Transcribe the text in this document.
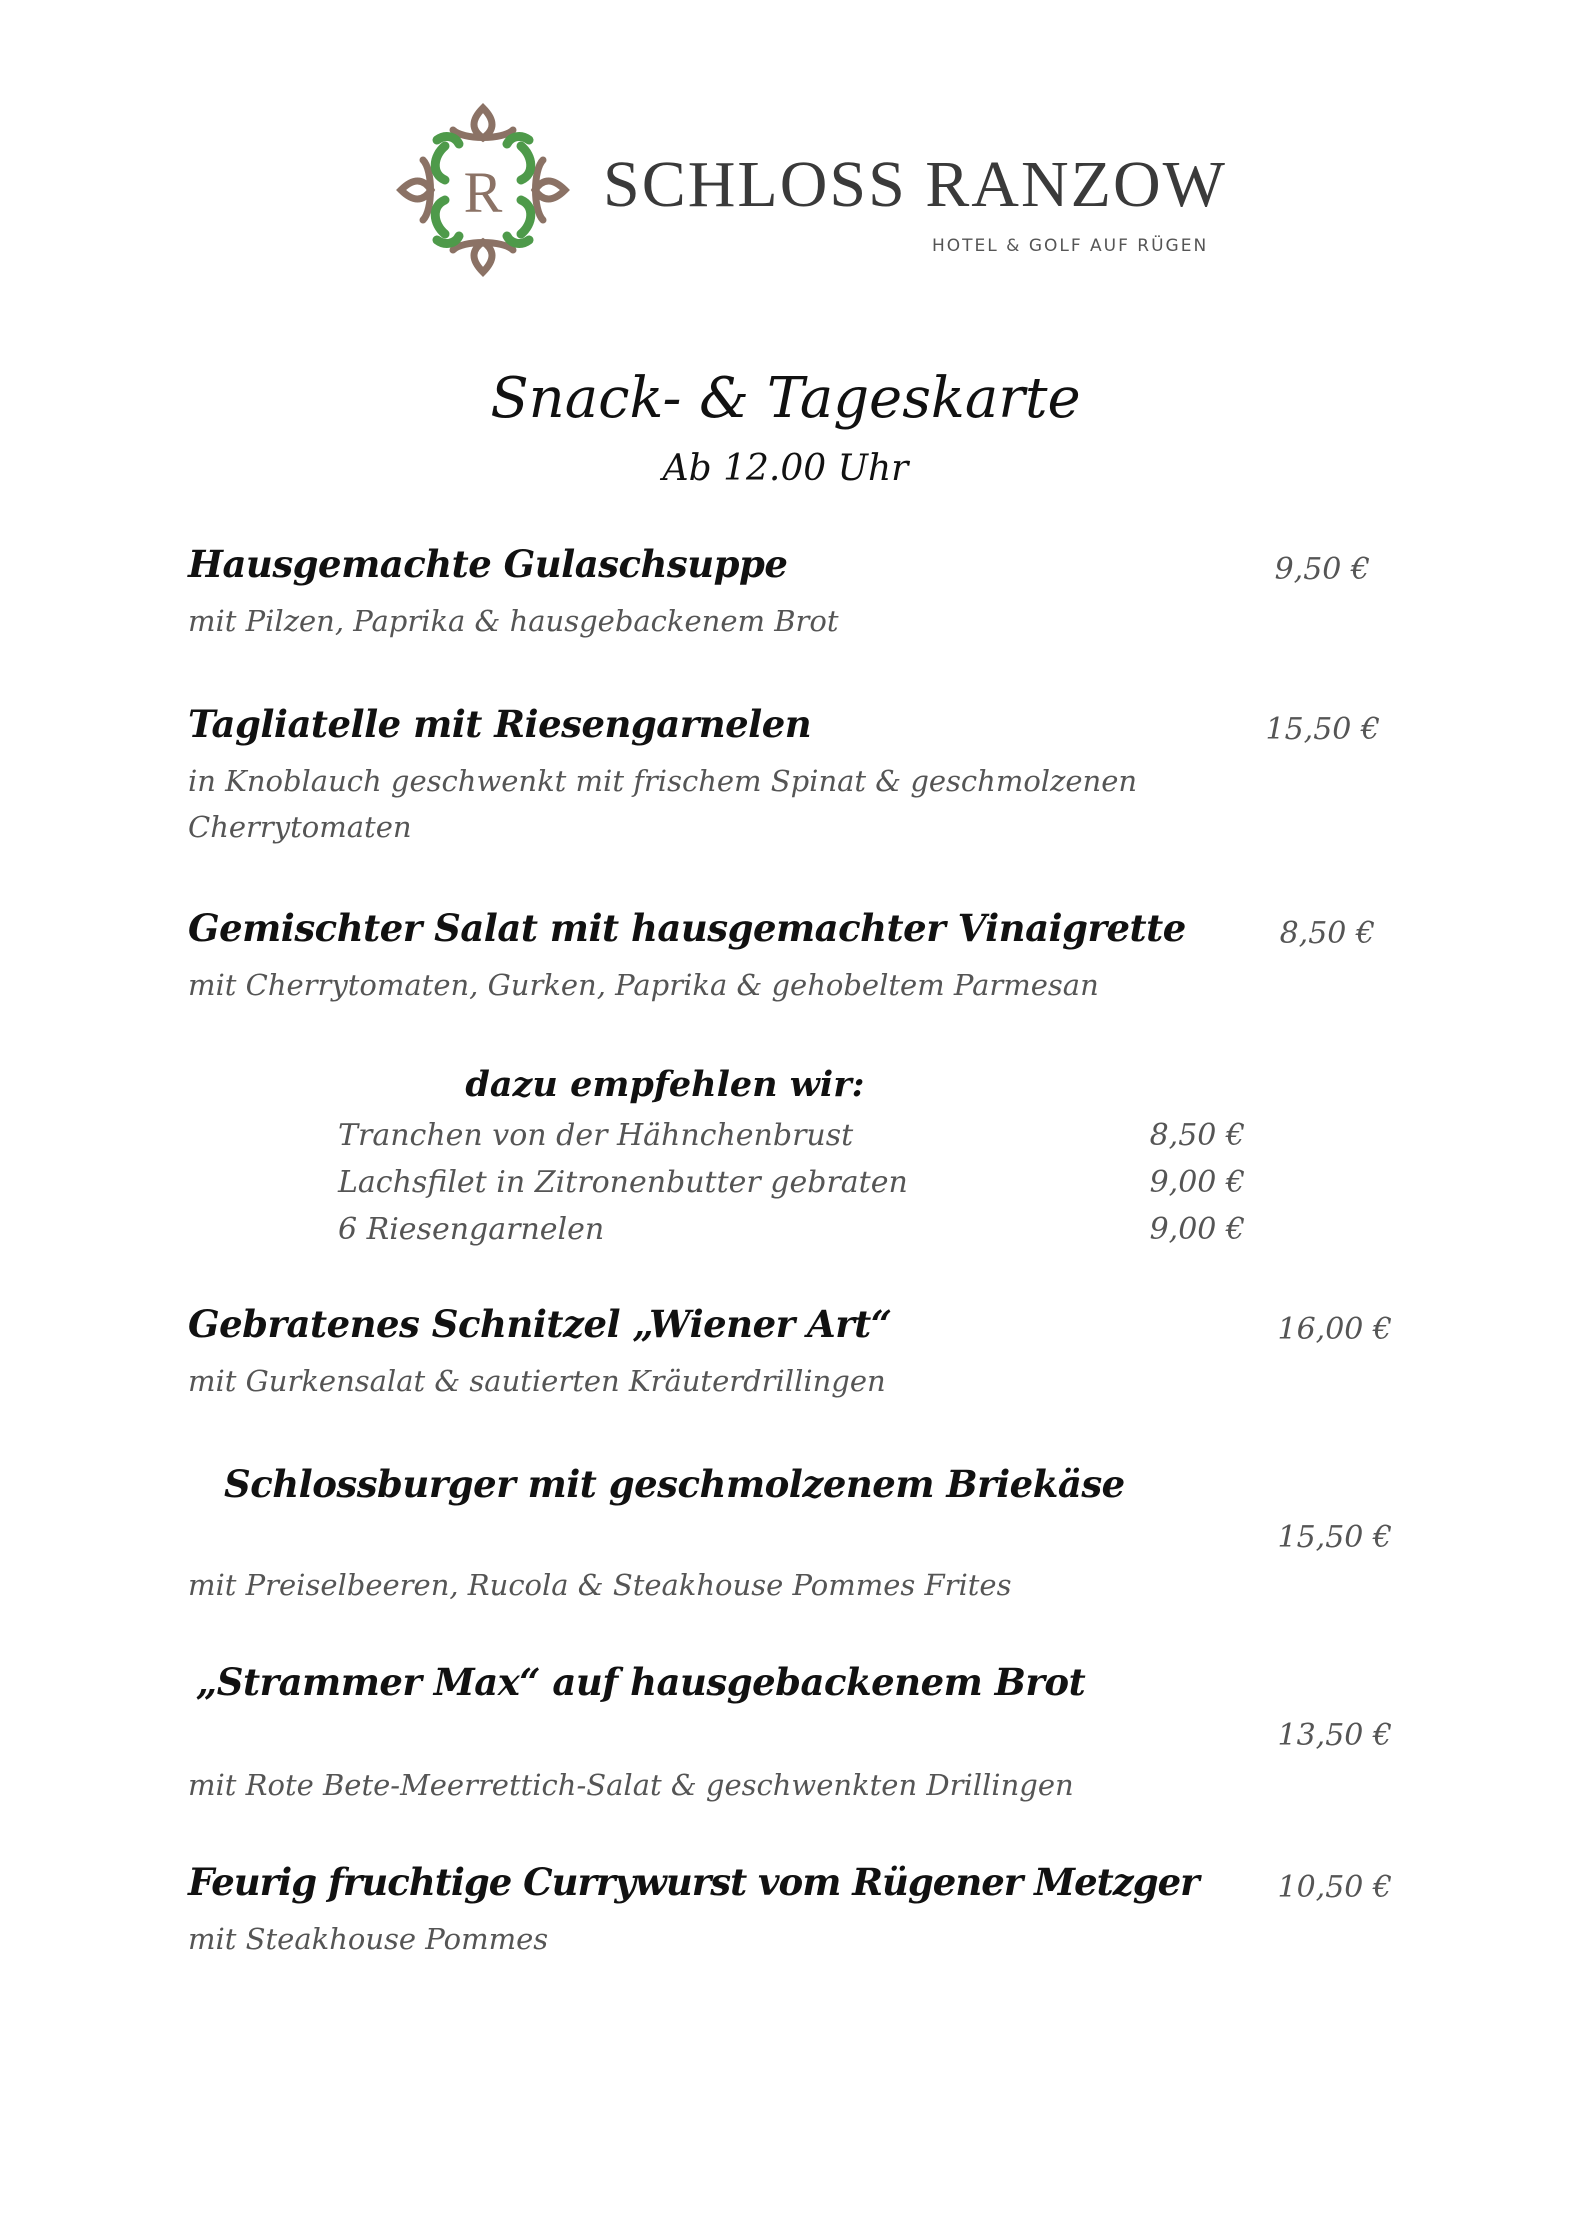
R SCHLOSS RANZOW
HOTEL & GOLF AUF RÜGEN
Snack- & Tageskarte
Ab 12.00 Uhr
Hausgemachte Gulaschsuppe	9,50 €
mit Pilzen, Paprika & hausgebackenem Brot
Tagliatelle mit Riesengarnelen	15,50 €
in Knoblauch geschwenkt mit frischem Spinat & geschmolzenen Cherrytomaten
Gemischter Salat mit hausgemachter Vinaigrette	8,50 €
mit Cherrytomaten, Gurken, Paprika & gehobeltem Parmesan
dazu empfehlen wir:
Tranchen von der Hähnchenbrust	8,50 €
Lachsfilet in Zitronenbutter gebraten	9,00 €
6 Riesengarnelen	9,00 €
Gebratenes Schnitzel „Wiener Art“	16,00 €
mit Gurkensalat & sautierten Kräuterdrillingen
Schlossburger mit geschmolzenem Briekäse
15,50 €
mit Preiselbeeren, Rucola & Steakhouse Pommes Frites
„Strammer Max“ auf hausgebackenem Brot
13,50 €
mit Rote Bete-Meerrettich-Salat & geschwenkten Drillingen
Feurig fruchtige Currywurst vom Rügener Metzger	10,50 €
mit Steakhouse Pommes
